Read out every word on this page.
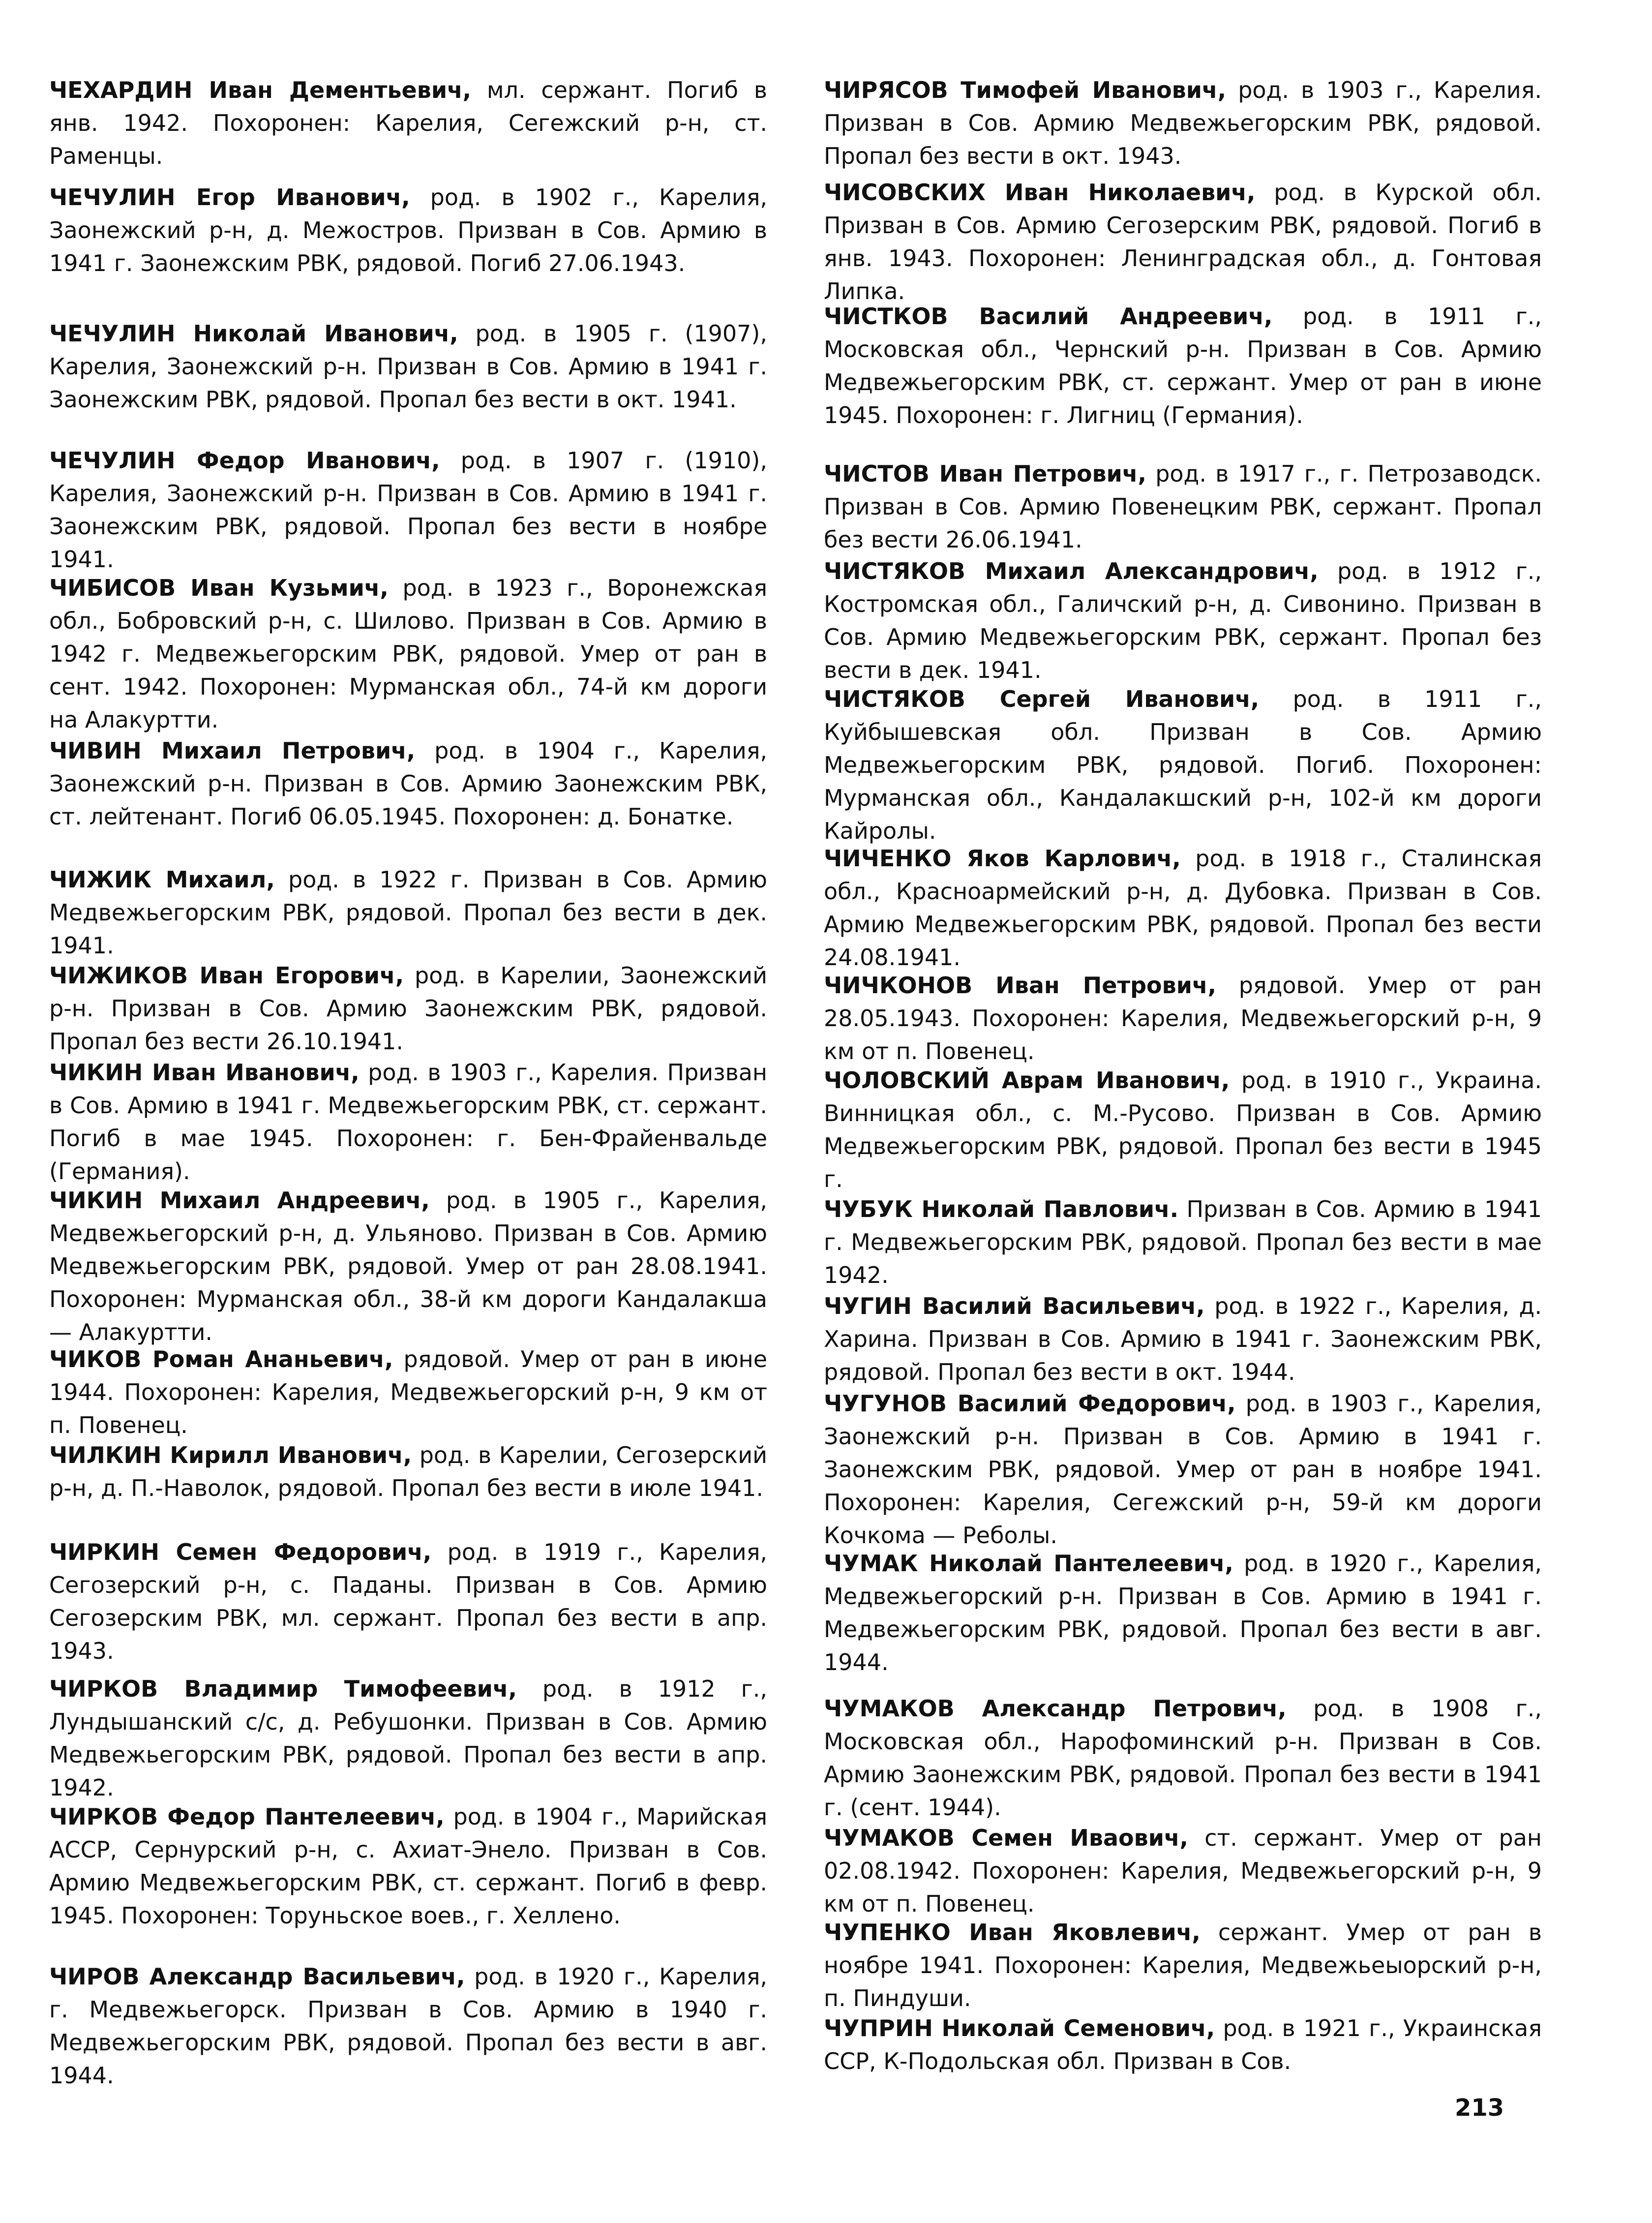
ЧЕХАРДИН Иван Дементьевич, мл. сержант. Погиб в янв. 1942. Похоронен: Карелия, Сегежский р-н, ст. Раменцы.

ЧЕЧУЛИН Егор Иванович, род. в 1902 г., Карелия, Заонежский р-н, д. Межостров. Призван в Сов. Армию в 1941 г. Заонежским РВК, рядовой. Погиб 27.06.1943.

ЧЕЧУЛИН Николай Иванович, род. в 1905 г. (1907), Карелия, Заонежский р-н. Призван в Сов. Армию в 1941 г. Заонежским РВК, рядовой. Пропал без вести в окт. 1941.

ЧЕЧУЛИН Федор Иванович, род. в 1907 г. (1910), Карелия, Заонежский р-н. Призван в Сов. Армию в 1941 г. Заонежским РВК, рядовой. Пропал без вести в ноябре 1941.

ЧИБИСОВ Иван Кузьмич, род. в 1923 г., Воронежская обл., Бобровский р-н, с. Шилово. Призван в Сов. Армию в 1942 г. Медвежьегорским РВК, рядовой. Умер от ран в сент. 1942. Похоронен: Мурманская обл., 74-й км дороги на Алакуртти.

ЧИВИН Михаил Петрович, род. в 1904 г., Карелия, Заонежский р-н. Призван в Сов. Армию Заонежским РВК, ст. лейтенант. Погиб 06.05.1945. Похоронен: д. Бонатке.

ЧИЖИК Михаил, род. в 1922 г. Призван в Сов. Армию Медвежьегорским РВК, рядовой. Пропал без вести в дек. 1941.

ЧИЖИКОВ Иван Егорович, род. в Карелии, Заонежский р-н. Призван в Сов. Армию Заонежским РВК, рядовой. Пропал без вести 26.10.1941.

ЧИКИН Иван Иванович, род. в 1903 г., Карелия. Призван в Сов. Армию в 1941 г. Медвежьегорским РВК, ст. сержант. Погиб в мае 1945. Похоронен: г. Бен-Фрайенвальде (Германия).

ЧИКИН Михаил Андреевич, род. в 1905 г., Карелия, Медвежьегорский р-н, д. Ульяново. Призван в Сов. Армию Медвежьегорским РВК, рядовой. Умер от ран 28.08.1941. Похоронен: Мурманская обл., 38-й км дороги Кандалакша — Алакуртти.

ЧИКОВ Роман Ананьевич, рядовой. Умер от ран в июне 1944. Похоронен: Карелия, Медвежьегорский р-н, 9 км от п. Повенец.

ЧИЛКИН Кирилл Иванович, род. в Карелии, Сегозерский р-н, д. П.-Наволок, рядовой. Пропал без вести в июле 1941.

ЧИРКИН Семен Федорович, род. в 1919 г., Карелия, Сегозерский р-н, с. Паданы. Призван в Сов. Армию Сегозерским РВК, мл. сержант. Пропал без вести в апр. 1943.

ЧИРКОВ Владимир Тимофеевич, род. в 1912 г., Лундышанский с/с, д. Ребушонки. Призван в Сов. Армию Медвежьегорским РВК, рядовой. Пропал без вести в апр. 1942.

ЧИРКОВ Федор Пантелеевич, род. в 1904 г., Марийская АССР, Сернурский р-н, с. Ахиат-Энело. Призван в Сов. Армию Медвежьегорским РВК, ст. сержант. Погиб в февр. 1945. Похоронен: Торуньское воев., г. Хеллено.

ЧИРОВ Александр Васильевич, род. в 1920 г., Карелия, г. Медвежьегорск. Призван в Сов. Армию в 1940 г. Медвежьегорским РВК, рядовой. Пропал без вести в авг. 1944.

ЧИРЯСОВ Тимофей Иванович, род. в 1903 г., Карелия. Призван в Сов. Армию Медвежьегорским РВК, рядовой. Пропал без вести в окт. 1943.

ЧИСОВСКИХ Иван Николаевич, род. в Курской обл. Призван в Сов. Армию Сегозерским РВК, рядовой. Погиб в янв. 1943. Похоронен: Ленинградская обл., д. Гонтовая Липка.

ЧИСТКОВ Василий Андреевич, род. в 1911 г., Московская обл., Чернский р-н. Призван в Сов. Армию Медвежьегорским РВК, ст. сержант. Умер от ран в июне 1945. Похоронен: г. Лигниц (Германия).

ЧИСТОВ Иван Петрович, род. в 1917 г., г. Петрозаводск. Призван в Сов. Армию Повенецким РВК, сержант. Пропал без вести 26.06.1941.

ЧИСТЯКОВ Михаил Александрович, род. в 1912 г., Костромская обл., Галичский р-н, д. Сивонино. Призван в Сов. Армию Медвежьегорским РВК, сержант. Пропал без вести в дек. 1941.

ЧИСТЯКОВ Сергей Иванович, род. в 1911 г., Куйбышевская обл. Призван в Сов. Армию Медвежьегорским РВК, рядовой. Погиб. Похоронен: Мурманская обл., Кандалакшский р-н, 102-й км дороги Кайролы.

ЧИЧЕНКО Яков Карлович, род. в 1918 г., Сталинская обл., Красноармейский р-н, д. Дубовка. Призван в Сов. Армию Медвежьегорским РВК, рядовой. Пропал без вести 24.08.1941.

ЧИЧКОНОВ Иван Петрович, рядовой. Умер от ран 28.05.1943. Похоронен: Карелия, Медвежьегорский р-н, 9 км от п. Повенец.

ЧОЛОВСКИЙ Аврам Иванович, род. в 1910 г., Украина. Винницкая обл., с. М.-Русово. Призван в Сов. Армию Медвежьегорским РВК, рядовой. Пропал без вести в 1945 г.

ЧУБУК Николай Павлович. Призван в Сов. Армию в 1941 г. Медвежьегорским РВК, рядовой. Пропал без вести в мае 1942.

ЧУГИН Василий Васильевич, род. в 1922 г., Карелия, д. Харина. Призван в Сов. Армию в 1941 г. Заонежским РВК, рядовой. Пропал без вести в окт. 1944.

ЧУГУНОВ Василий Федорович, род. в 1903 г., Карелия, Заонежский р-н. Призван в Сов. Армию в 1941 г. Заонежским РВК, рядовой. Умер от ран в ноябре 1941. Похоронен: Карелия, Сегежский р-н, 59-й км дороги Кочкома — Реболы.

ЧУМАК Николай Пантелеевич, род. в 1920 г., Карелия, Медвежьегорский р-н. Призван в Сов. Армию в 1941 г. Медвежьегорским РВК, рядовой. Пропал без вести в авг. 1944.

ЧУМАКОВ Александр Петрович, род. в 1908 г., Московская обл., Нарофоминский р-н. Призван в Сов. Армию Заонежским РВК, рядовой. Пропал без вести в 1941 г. (сент. 1944).

ЧУМАКОВ Семен Иваович, ст. сержант. Умер от ран 02.08.1942. Похоронен: Карелия, Медвежьегорский р-н, 9 км от п. Повенец.

ЧУПЕНКО Иван Яковлевич, сержант. Умер от ран в ноябре 1941. Похоронен: Карелия, Медвежьеыорский р-н, п. Пиндуши.

ЧУПРИН Николай Семенович, род. в 1921 г., Украинская ССР, К-Подольская обл. Призван в Сов.

213
